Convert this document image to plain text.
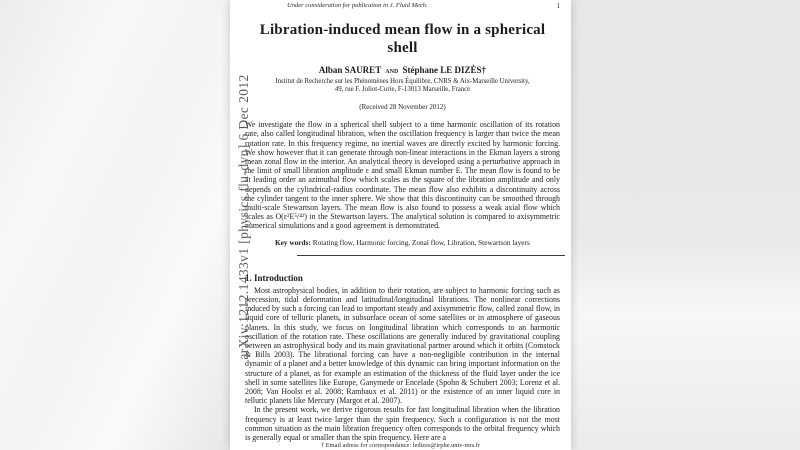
Under consideration for publication in J. Fluid Mech.	1
Libration-induced mean flow in a spherical shell
Alban SAURET and Stéphane LE DIZÈS†
Institut de Recherche sur les Phénomènes Hors Équilibre, CNRS & Aix-Marseille University,
49, rue F. Joliot-Curie, F-13013 Marseille, France
(Received 28 November 2012)
We investigate the flow in a spherical shell subject to a time harmonic oscillation of its rotation rate, also called longitudinal libration, when the oscillation frequency is larger than twice the mean rotation rate. In this frequency regime, no inertial waves are directly excited by harmonic forcing. We show however that it can generate through non-linear interactions in the Ekman layers a strong mean zonal flow in the interior. An analytical theory is developed using a perturbative approach in the limit of small libration amplitude ε and small Ekman number E. The mean flow is found to be at leading order an azimuthal flow which scales as the square of the libration amplitude and only depends on the cylindrical-radius coordinate. The mean flow also exhibits a discontinuity across the cylinder tangent to the inner sphere. We show that this discontinuity can be smoothed through multi-scale Stewartson layers. The mean flow is also found to possess a weak axial flow which scales as O(ε²E⁵/⁴²) in the Stewartson layers. The analytical solution is compared to axisymmetric numerical simulations and a good agreement is demonstrated.
Key words: Rotating flow, Harmonic forcing, Zonal flow, Libration, Stewartson layers
1. Introduction
Most astrophysical bodies, in addition to their rotation, are subject to harmonic forcing such as precession, tidal deformation and latitudinal/longitudinal librations. The nonlinear corrections induced by such a forcing can lead to important steady and axisymmetric flow, called zonal flow, in liquid core of telluric planets, in subsurface ocean of some satellites or in atmosphere of gaseous planets. In this study, we focus on longitudinal libration which corresponds to an harmonic oscillation of the rotation rate. These oscillations are generally induced by gravitational coupling between an astrophysical body and its main gravitational partner around which it orbits (Comstock & Bills 2003). The librational forcing can have a non-negligible contribution in the internal dynamic of a planet and a better knowledge of this dynamic can bring important information on the structure of a planet, as for example an estimation of the thickness of the fluid layer under the ice shell in some satellites like Europe, Ganymede or Encelade (Spohn & Schubert 2003; Lorenz et al. 2008; Van Hoolst et al. 2008; Rambaux et al. 2011) or the existence of an inner liquid core in telluric planets like Mercury (Margot et al. 2007).
In the present work, we derive rigorous results for fast longitudinal libration when the libration frequency is at least twice larger than the spin frequency. Such a configuration is not the most common situation as the main libration frequency often corresponds to the orbital frequency which is generally equal or smaller than the spin frequency. Here are a
† Email adress for correspondance: ledizes@irphe.univ-mrs.fr
arXiv:1212.1433v1 [physics.flu-dyn] 6 Dec 2012
